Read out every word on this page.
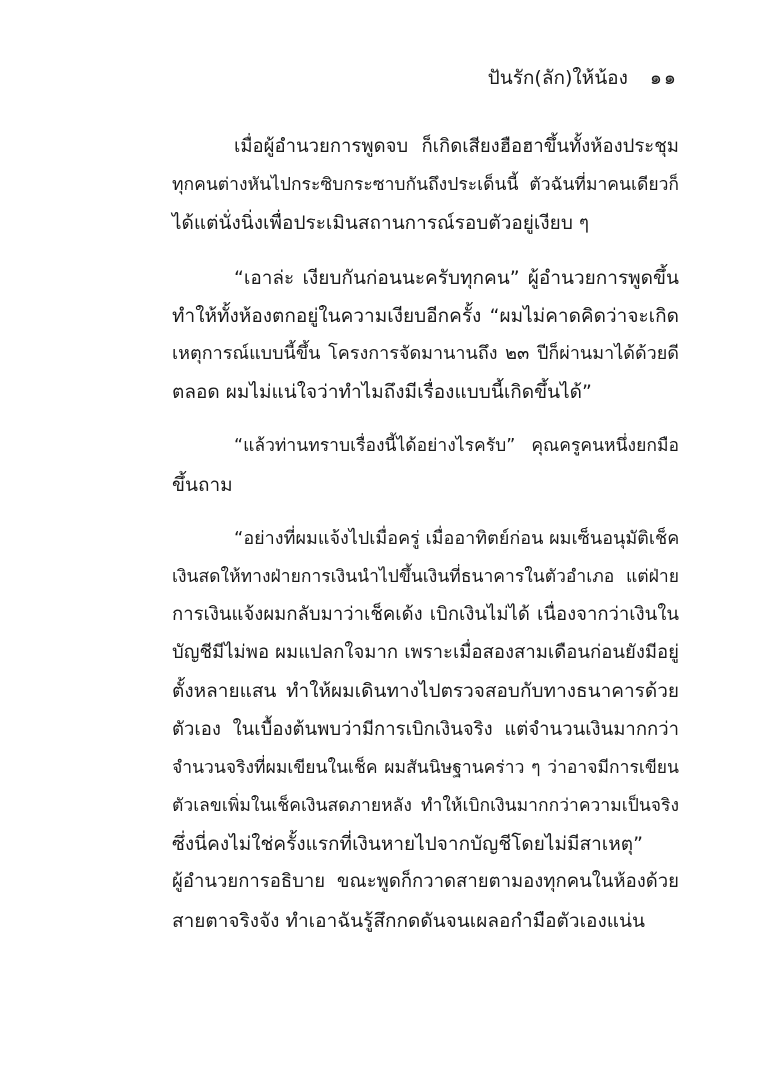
ปันรัก(ลัก)ให้น้อง ๑๑
เมื่อผู้อำนวยการพูดจบ ก็เกิดเสียงฮือฮาขึ้นทั้งห้องประชุม
ทุกคนต่างหันไปกระซิบกระซาบกันถึงประเด็นนี้ ตัวฉันที่มาคนเดียวก็
ได้แต่นั่งนิ่งเพื่อประเมินสถานการณ์รอบตัวอยู่เงียบ ๆ
“เอาล่ะ เงียบกันก่อนนะครับทุกคน” ผู้อำนวยการพูดขึ้น
ทำให้ทั้งห้องตกอยู่ในความเงียบอีกครั้ง “ผมไม่คาดคิดว่าจะเกิด
เหตุการณ์แบบนี้ขึ้น โครงการจัดมานานถึง ๒๓ ปีก็ผ่านมาได้ด้วยดี
ตลอด ผมไม่แน่ใจว่าทำไมถึงมีเรื่องแบบนี้เกิดขึ้นได้”
“แล้วท่านทราบเรื่องนี้ได้อย่างไรครับ” คุณครูคนหนึ่งยกมือ
ขึ้นถาม
“อย่างที่ผมแจ้งไปเมื่อครู่ เมื่ออาทิตย์ก่อน ผมเซ็นอนุมัติเช็ค
เงินสดให้ทางฝ่ายการเงินนำไปขึ้นเงินที่ธนาคารในตัวอำเภอ แต่ฝ่าย
การเงินแจ้งผมกลับมาว่าเช็คเด้ง เบิกเงินไม่ได้ เนื่องจากว่าเงินใน
บัญชีมีไม่พอ ผมแปลกใจมาก เพราะเมื่อสองสามเดือนก่อนยังมีอยู่
ตั้งหลายแสน ทำให้ผมเดินทางไปตรวจสอบกับทางธนาคารด้วย
ตัวเอง ในเบื้องต้นพบว่ามีการเบิกเงินจริง แต่จำนวนเงินมากกว่า
จำนวนจริงที่ผมเขียนในเช็ค ผมสันนิษฐานคร่าว ๆ ว่าอาจมีการเขียน
ตัวเลขเพิ่มในเช็คเงินสดภายหลัง ทำให้เบิกเงินมากกว่าความเป็นจริง
ซึ่งนี่คงไม่ใช่ครั้งแรกที่เงินหายไปจากบัญชีโดยไม่มีสาเหตุ”
ผู้อำนวยการอธิบาย ขณะพูดก็กวาดสายตามองทุกคนในห้องด้วย
สายตาจริงจัง ทำเอาฉันรู้สึกกดดันจนเผลอกำมือตัวเองแน่น
